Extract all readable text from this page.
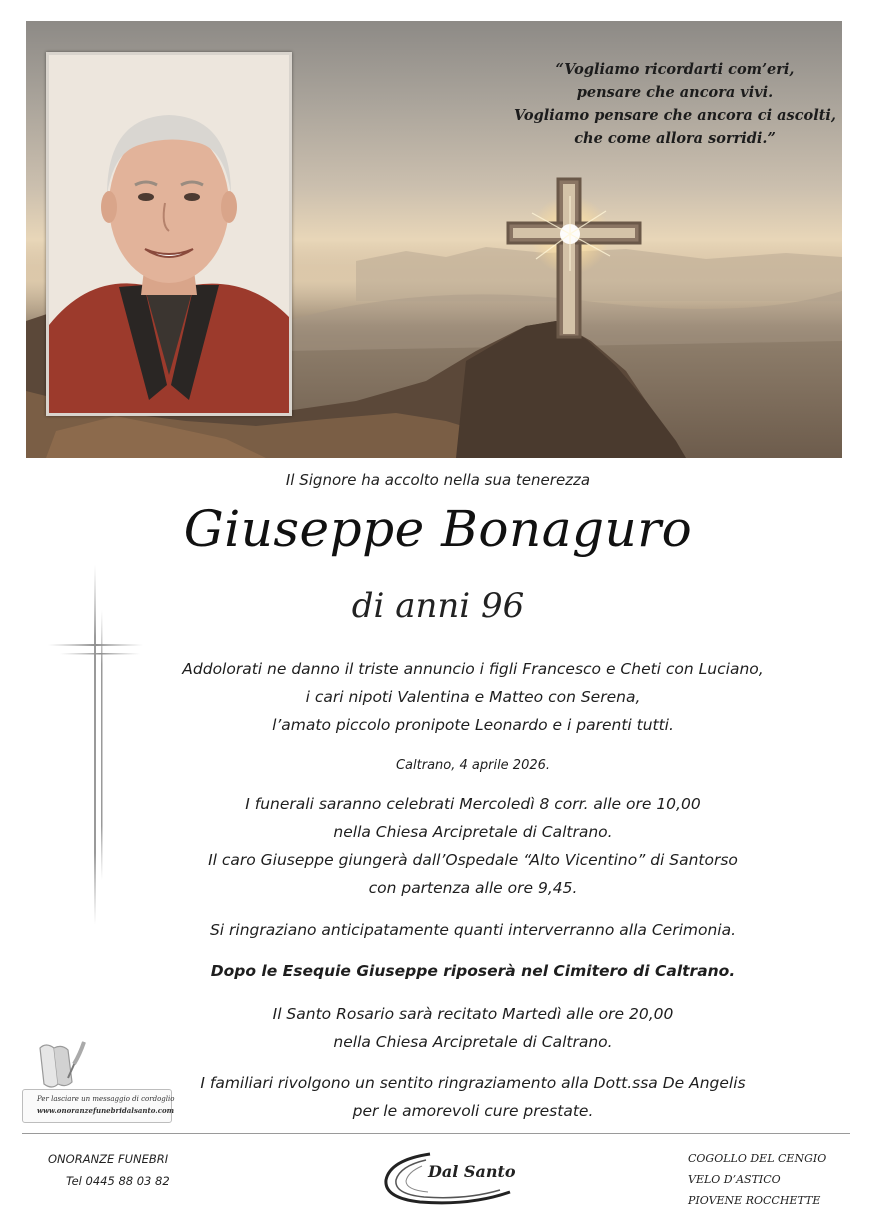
“Vogliamo ricordarti com’eri,
pensare che ancora vivi.
Vogliamo pensare che ancora ci ascolti,
che come allora sorridi.”
Il Signore ha accolto nella sua tenerezza
Giuseppe Bonaguro
di anni 96
Addolorati ne danno il triste annuncio i figli Francesco e Cheti con Luciano,
i cari nipoti Valentina e Matteo con Serena,
l’amato piccolo pronipote Leonardo e i parenti tutti.
Caltrano, 4 aprile 2026.
I funerali saranno celebrati Mercoledì 8 corr. alle ore 10,00
nella Chiesa Arcipretale di Caltrano.
Il caro Giuseppe giungerà dall’Ospedale “Alto Vicentino” di Santorso
con partenza alle ore 9,45.
Si ringraziano anticipatamente quanti interverranno alla Cerimonia.
Dopo le Esequie Giuseppe riposerà nel Cimitero di Caltrano.
Il Santo Rosario sarà recitato Martedì alle ore 20,00
nella Chiesa Arcipretale di Caltrano.
I familiari rivolgono un sentito ringraziamento alla Dott.ssa De Angelis
per le amorevoli cure prestate.
Per lasciare un messaggio di cordoglio
www.onoranzefunebridalsanto.com
ONORANZE FUNEBRI
Tel 0445 88 03 82	Dal Santo
COGOLLO DEL CENGIO
VELO D’ASTICO
PIOVENE ROCCHETTE
